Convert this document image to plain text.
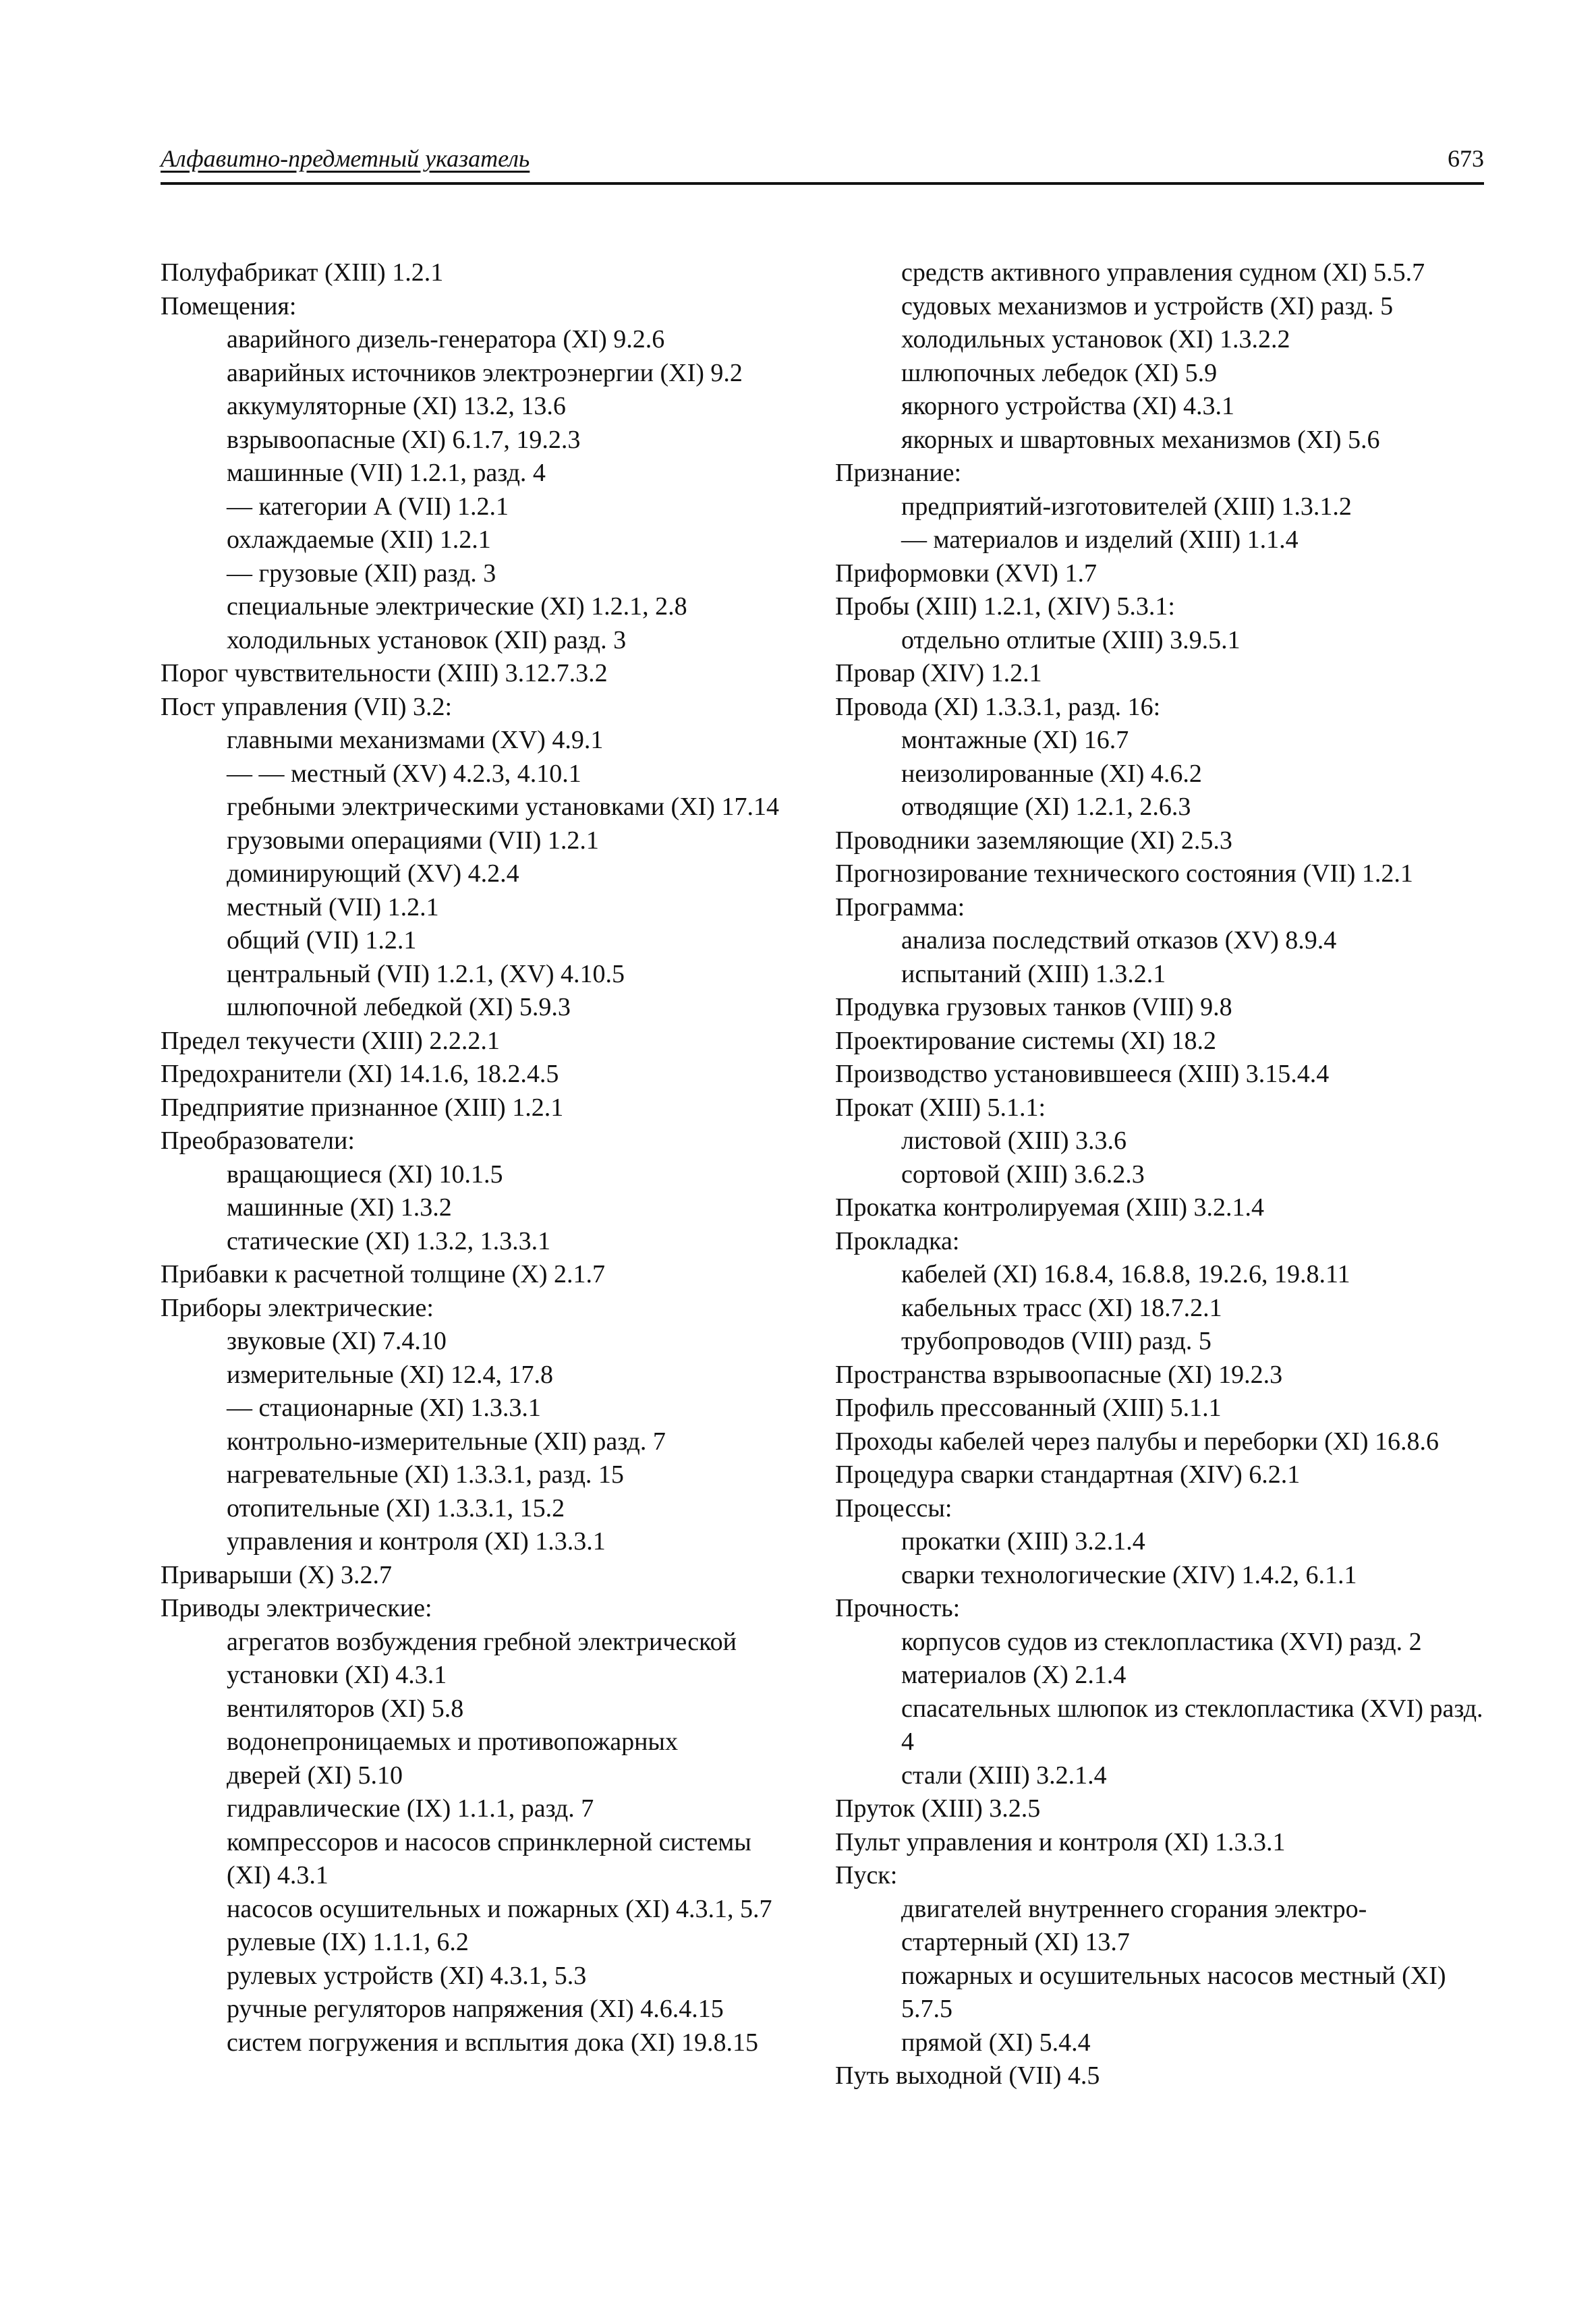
Алфавитно-предметный указатель	673
Полуфабрикат (XIII) 1.2.1
Помещения:
аварийного дизель-генератора (XI) 9.2.6
аварийных источников электроэнергии (XI) 9.2
аккумуляторные (XI) 13.2, 13.6
взрывоопасные (XI) 6.1.7, 19.2.3
машинные (VII) 1.2.1, разд. 4
— категории А (VII) 1.2.1
охлаждаемые (XII) 1.2.1
— грузовые (XII) разд. 3
специальные электрические (XI) 1.2.1, 2.8
холодильных установок (XII) разд. 3
Порог чувствительности (XIII) 3.12.7.3.2
Пост управления (VII) 3.2:
главными механизмами (XV) 4.9.1
— — местный (XV) 4.2.3, 4.10.1
гребными электрическими установками (XI) 17.14
грузовыми операциями (VII) 1.2.1
доминирующий (XV) 4.2.4
местный (VII) 1.2.1
общий (VII) 1.2.1
центральный (VII) 1.2.1, (XV) 4.10.5
шлюпочной лебедкой (XI) 5.9.3
Предел текучести (XIII) 2.2.2.1
Предохранители (XI) 14.1.6, 18.2.4.5
Предприятие признанное (XIII) 1.2.1
Преобразователи:
вращающиеся (XI) 10.1.5
машинные (XI) 1.3.2
статические (XI) 1.3.2, 1.3.3.1
Прибавки к расчетной толщине (X) 2.1.7
Приборы электрические:
звуковые (XI) 7.4.10
измерительные (XI) 12.4, 17.8
— стационарные (XI) 1.3.3.1
контрольно-измерительные (XII) разд. 7
нагревательные (XI) 1.3.3.1, разд. 15
отопительные (XI) 1.3.3.1, 15.2
управления и контроля (XI) 1.3.3.1
Приварыши (X) 3.2.7
Приводы электрические:
агрегатов возбуждения гребной электрической
установки (XI) 4.3.1
вентиляторов (XI) 5.8
водонепроницаемых и противопожарных
дверей (XI) 5.10
гидравлические (IX) 1.1.1, разд. 7
компрессоров и насосов спринклерной системы
(XI) 4.3.1
насосов осушительных и пожарных (XI) 4.3.1, 5.7
рулевые (IX) 1.1.1, 6.2
рулевых устройств (XI) 4.3.1, 5.3
ручные регуляторов напряжения (XI) 4.6.4.15
систем погружения и всплытия дока (XI) 19.8.15
средств активного управления судном (XI) 5.5.7
судовых механизмов и устройств (XI) разд. 5
холодильных установок (XI) 1.3.2.2
шлюпочных лебедок (XI) 5.9
якорного устройства (XI) 4.3.1
якорных и швартовных механизмов (XI) 5.6
Признание:
предприятий-изготовителей (XIII) 1.3.1.2
— материалов и изделий (XIII) 1.1.4
Приформовки (XVI) 1.7
Пробы (XIII) 1.2.1, (XIV) 5.3.1:
отдельно отлитые (XIII) 3.9.5.1
Провар (XIV) 1.2.1
Провода (XI) 1.3.3.1, разд. 16:
монтажные (XI) 16.7
неизолированные (XI) 4.6.2
отводящие (XI) 1.2.1, 2.6.3
Проводники заземляющие (XI) 2.5.3
Прогнозирование технического состояния (VII) 1.2.1
Программа:
анализа последствий отказов (XV) 8.9.4
испытаний (XIII) 1.3.2.1
Продувка грузовых танков (VIII) 9.8
Проектирование системы (XI) 18.2
Производство установившееся (XIII) 3.15.4.4
Прокат (XIII) 5.1.1:
листовой (XIII) 3.3.6
сортовой (XIII) 3.6.2.3
Прокатка контролируемая (XIII) 3.2.1.4
Прокладка:
кабелей (XI) 16.8.4, 16.8.8, 19.2.6, 19.8.11
кабельных трасс (XI) 18.7.2.1
трубопроводов (VIII) разд. 5
Пространства взрывоопасные (XI) 19.2.3
Профиль прессованный (XIII) 5.1.1
Проходы кабелей через палубы и переборки (XI) 16.8.6
Процедура сварки стандартная (XIV) 6.2.1
Процессы:
прокатки (XIII) 3.2.1.4
сварки технологические (XIV) 1.4.2, 6.1.1
Прочность:
корпусов судов из стеклопластика (XVI) разд. 2
материалов (X) 2.1.4
спасательных шлюпок из стеклопластика (XVI) разд. 4
стали (XIII) 3.2.1.4
Пруток (XIII) 3.2.5
Пульт управления и контроля (XI) 1.3.3.1
Пуск:
двигателей внутреннего сгорания электро-
стартерный (XI) 13.7
пожарных и осушительных насосов местный (XI) 5.7.5
прямой (XI) 5.4.4
Путь выходной (VII) 4.5
